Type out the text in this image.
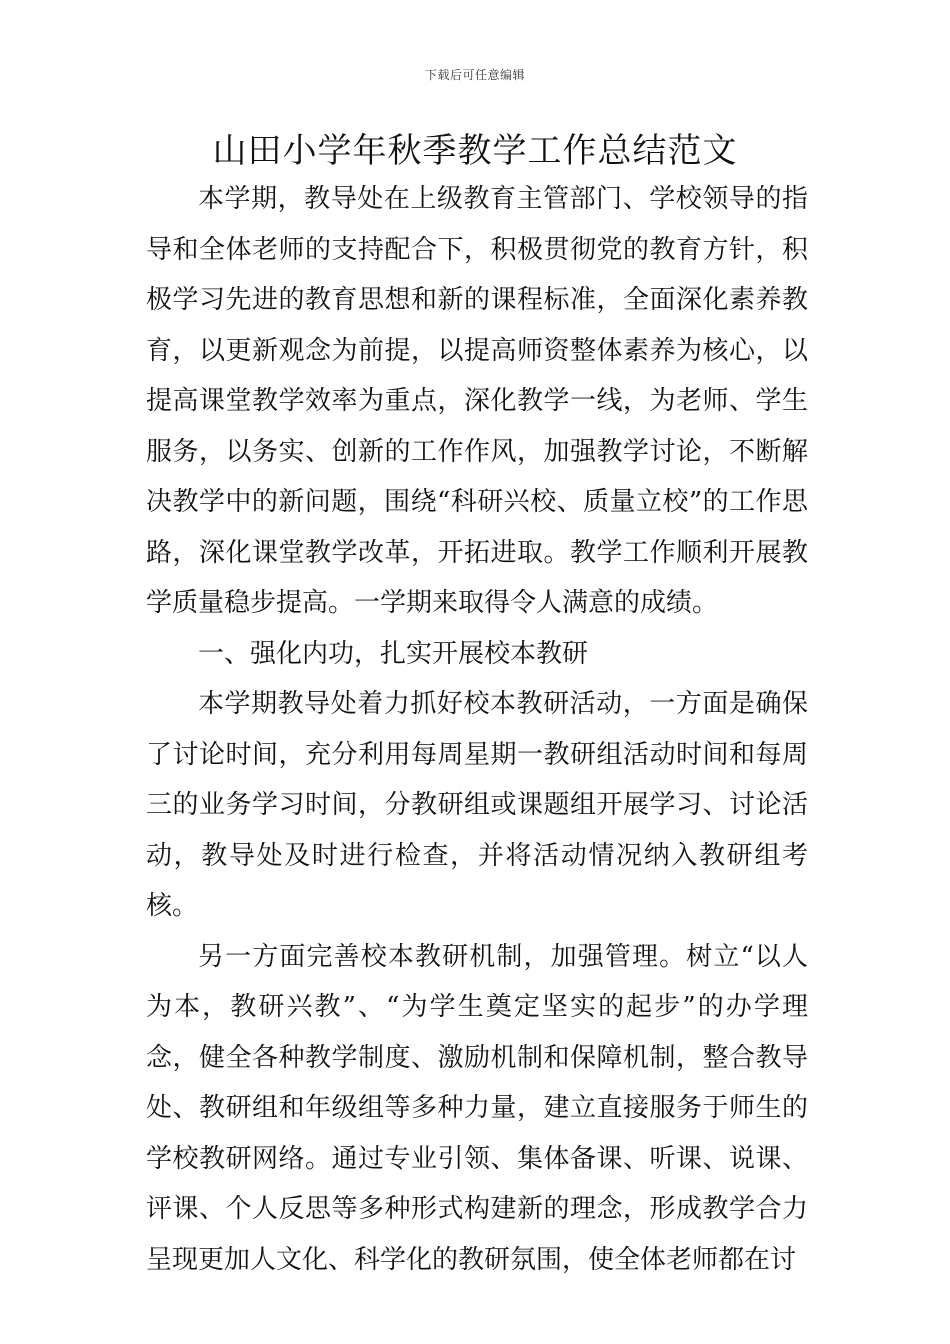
下载后可任意编辑
山田小学年秋季教学工作总结范文

本学期，教导处在上级教育主管部门、学校领导的指导和全体老师的支持配合下，积极贯彻党的教育方针，积极学习先进的教育思想和新的课程标准，全面深化素养教育，以更新观念为前提，以提高师资整体素养为核心，以提高课堂教学效率为重点，深化教学一线，为老师、学生服务，以务实、创新的工作作风，加强教学讨论，不断解决教学中的新问题，围绕“科研兴校、质量立校”的工作思路，深化课堂教学改革，开拓进取。教学工作顺利开展教学质量稳步提高。一学期来取得令人满意的成绩。

一、强化内功，扎实开展校本教研

本学期教导处着力抓好校本教研活动，一方面是确保了讨论时间，充分利用每周星期一教研组活动时间和每周三的业务学习时间，分教研组或课题组开展学习、讨论活动，教导处及时进行检查，并将活动情况纳入教研组考核。

另一方面完善校本教研机制，加强管理。树立“以人为本，教研兴教”、“为学生奠定坚实的起步”的办学理念，健全各种教学制度、激励机制和保障机制，整合教导处、教研组和年级组等多种力量，建立直接服务于师生的学校教研网络。通过专业引领、集体备课、听课、说课、评课、个人反思等多种形式构建新的理念，形成教学合力呈现更加人文化、科学化的教研氛围，使全体老师都在讨
